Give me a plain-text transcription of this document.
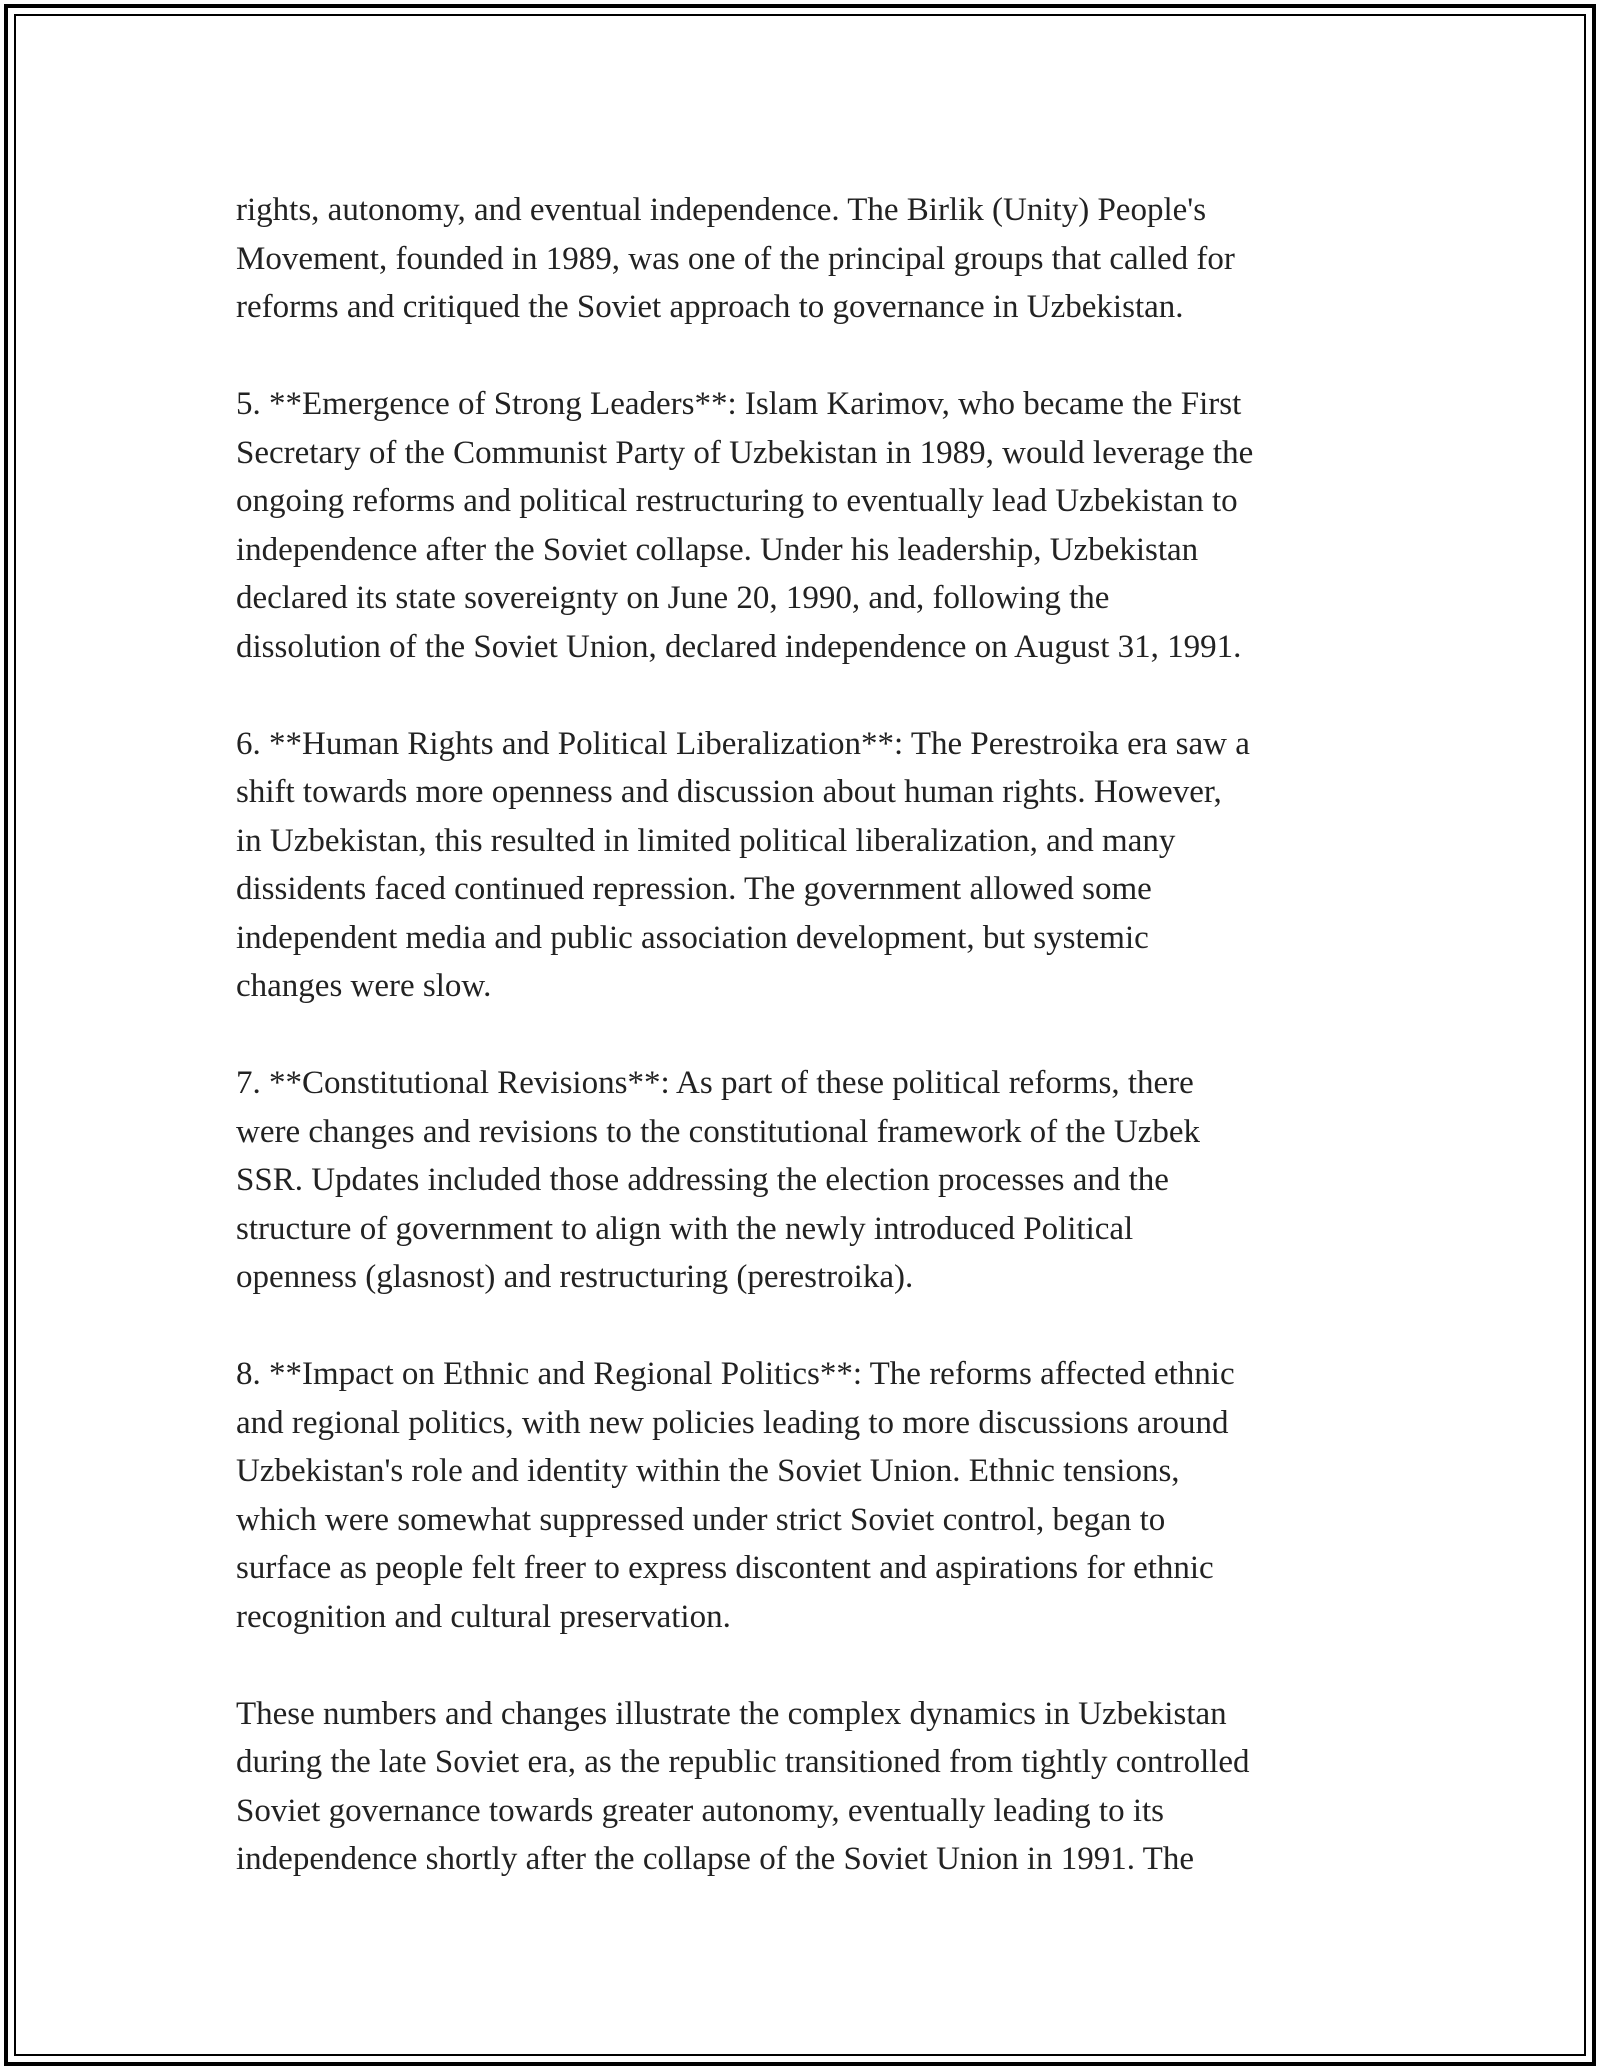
rights, autonomy, and eventual independence. The Birlik (Unity) People's
Movement, founded in 1989, was one of the principal groups that called for
reforms and critiqued the Soviet approach to governance in Uzbekistan.

5. **Emergence of Strong Leaders**: Islam Karimov, who became the First
Secretary of the Communist Party of Uzbekistan in 1989, would leverage the
ongoing reforms and political restructuring to eventually lead Uzbekistan to
independence after the Soviet collapse. Under his leadership, Uzbekistan
declared its state sovereignty on June 20, 1990, and, following the
dissolution of the Soviet Union, declared independence on August 31, 1991.

6. **Human Rights and Political Liberalization**: The Perestroika era saw a
shift towards more openness and discussion about human rights. However,
in Uzbekistan, this resulted in limited political liberalization, and many
dissidents faced continued repression. The government allowed some
independent media and public association development, but systemic
changes were slow.

7. **Constitutional Revisions**: As part of these political reforms, there
were changes and revisions to the constitutional framework of the Uzbek
SSR. Updates included those addressing the election processes and the
structure of government to align with the newly introduced Political
openness (glasnost) and restructuring (perestroika).

8. **Impact on Ethnic and Regional Politics**: The reforms affected ethnic
and regional politics, with new policies leading to more discussions around
Uzbekistan's role and identity within the Soviet Union. Ethnic tensions,
which were somewhat suppressed under strict Soviet control, began to
surface as people felt freer to express discontent and aspirations for ethnic
recognition and cultural preservation.

These numbers and changes illustrate the complex dynamics in Uzbekistan
during the late Soviet era, as the republic transitioned from tightly controlled
Soviet governance towards greater autonomy, eventually leading to its
independence shortly after the collapse of the Soviet Union in 1991. The
